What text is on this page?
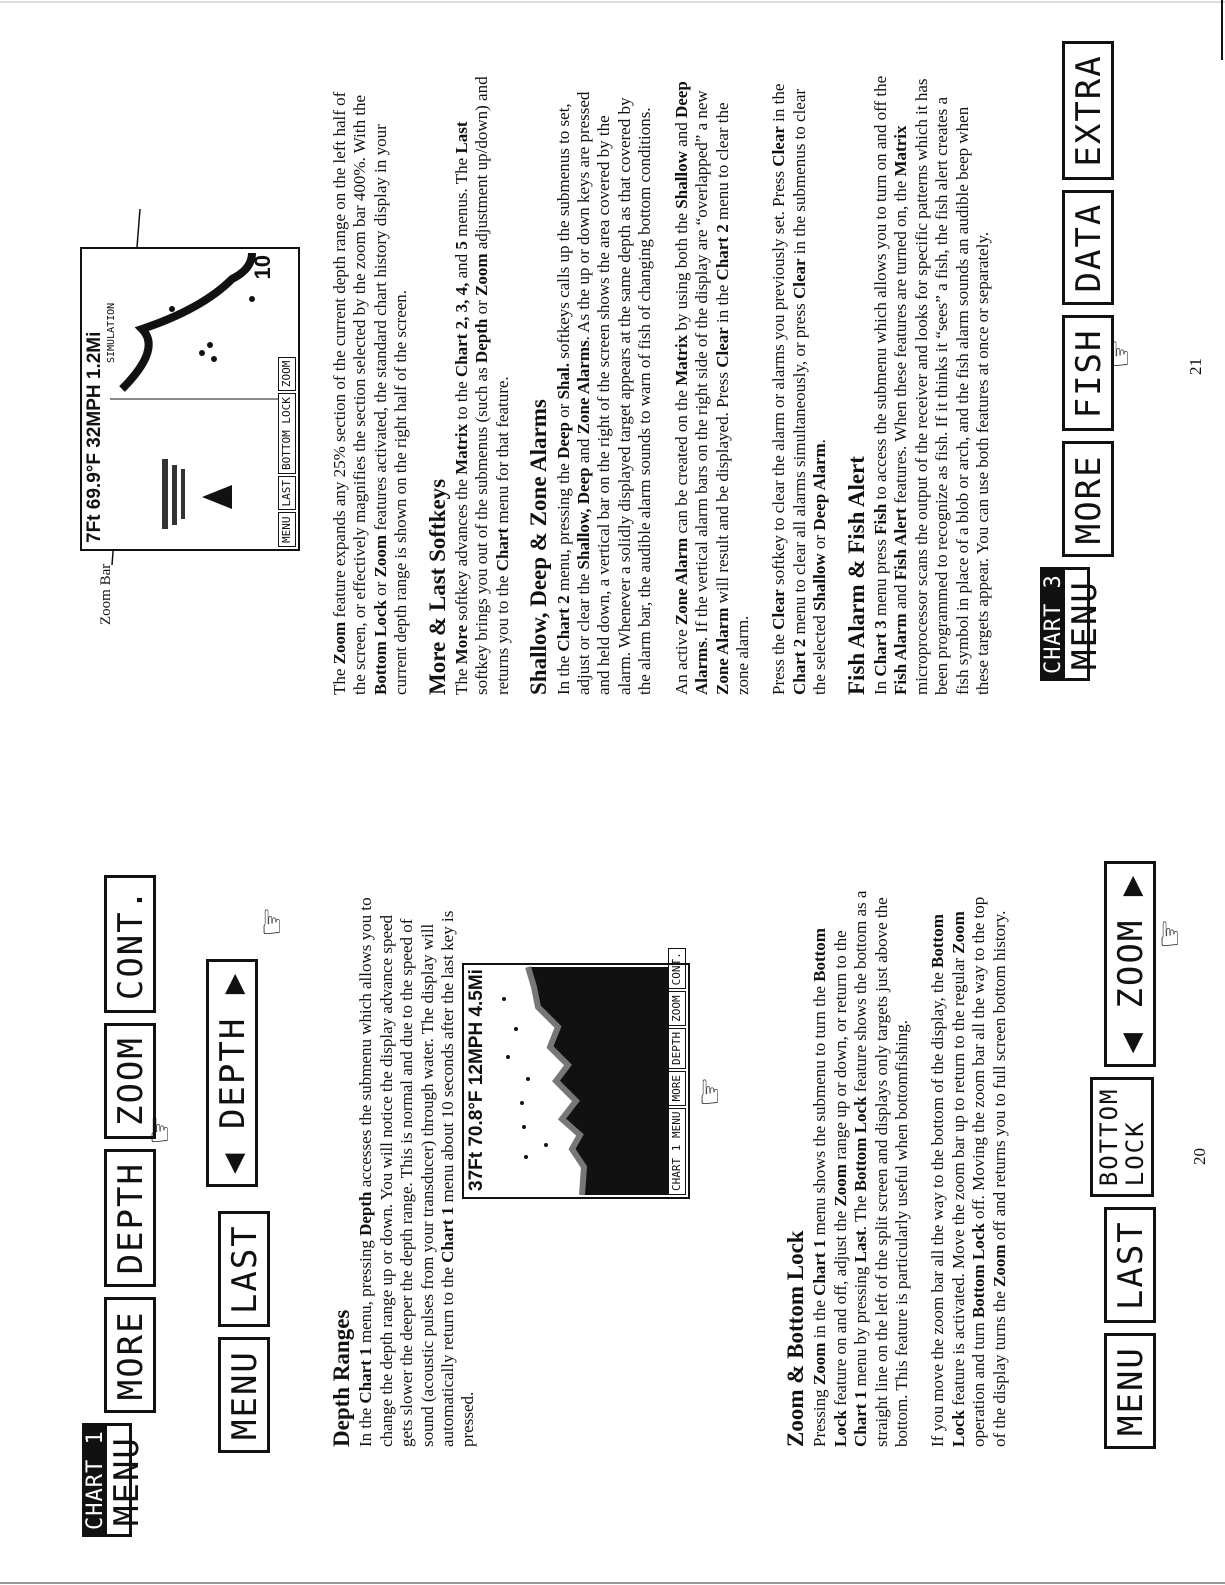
CHART 1 MENU
MORE
DEPTH
ZOOM
CONT.
☞
MENU
LAST
◀ DEPTH ▶
☞
Depth Ranges In the Chart 1 menu, pressing Depth accesses the submenu which allows you to change the depth range up or down. You will notice the display advance speed gets slower the deeper the depth range. This is normal and due to the speed of sound (acoustic pulses from your transducer) through water. The display will automatically return to the Chart 1 menu about 10 seconds after the last key is pressed.

37Ft 70.8°F 12MPH 4.5Mi	40
CHART 1 MENU
MORE
DEPTH
ZOOM
CONT.
☞
Zoom & Bottom Lock Pressing Zoom in the Chart 1 menu shows the submenu to turn the Bottom Lock feature on and off, adjust the Zoom range up or down, or return to the Chart 1 menu by pressing Last. The Bottom Lock feature shows the bottom as a straight line on the left of the split screen and displays only targets just above the bottom. This feature is particularly useful when bottomfishing. If you move the zoom bar all the way to the bottom of the display, the Bottom Lock feature is activated. Move the zoom bar up to return to the regular Zoom operation and turn Bottom Lock off. Moving the zoom bar all the way to the top of the display turns the Zoom off and returns you to full screen bottom history.

MENU
LAST
BOTTOM
LOCK
◀ ZOOM ▶
☞
20
Zoom Bar
7Ft 69.9°F 32MPH 1.2Mi SIMULATION
10
MENU
LAST
BOTTOM LOCK
ZOOM

The Zoom feature expands any 25% section of the current depth range on the left half of the screen, or effectively magnifies the section selected by the zoom bar 400%. With the Bottom Lock or Zoom features activated, the standard chart history display in your current depth range is shown on the right half of the screen. More & Last Softkeys The More softkey advances the Matrix to the Chart 2, 3, 4, and 5 menus. The Last softkey brings you out of the submenus (such as Depth or Zoom adjustment up/down) and returns you to the Chart menu for that feature. Shallow, Deep & Zone Alarms In the Chart 2 menu, pressing the Deep or Shal. softkeys calls up the submenus to set, adjust or clear the Shallow, Deep and Zone Alarms. As the up or down keys are pressed and held down, a vertical bar on the right of the screen shows the area covered by the alarm. Whenever a solidly displayed target appears at the same depth as that covered by the alarm bar, the audible alarm sounds to warn of fish of changing bottom conditions. An active Zone Alarm can be created on the Matrix by using both the Shallow and Deep Alarms. If the vertical alarm bars on the right side of the display are “overlapped” a new Zone Alarm will result and be displayed. Press Clear in the Chart 2 menu to clear the zone alarm. Press the Clear softkey to clear the alarm or alarms you previously set. Press Clear in the Chart 2 menu to clear all alarms simultaneously, or press Clear in the submenus to clear the selected Shallow or Deep Alarm.

Fish Alarm & Fish Alert In Chart 3 menu press Fish to access the submenu which allows you to turn on and off the Fish Alarm and Fish Alert features. When these features are turned on, the Matrix microprocessor scans the output of the receiver and looks for specific patterns which it has been programmed to recognize as fish. If it thinks it “sees” a fish, the fish alert creates a fish symbol in place of a blob or arch, and the fish alarm sounds an audible beep when these targets appear. You can use both features at once or separately. CHART 3 MENU
MORE
FISH
DATA
EXTRA
☞	21
